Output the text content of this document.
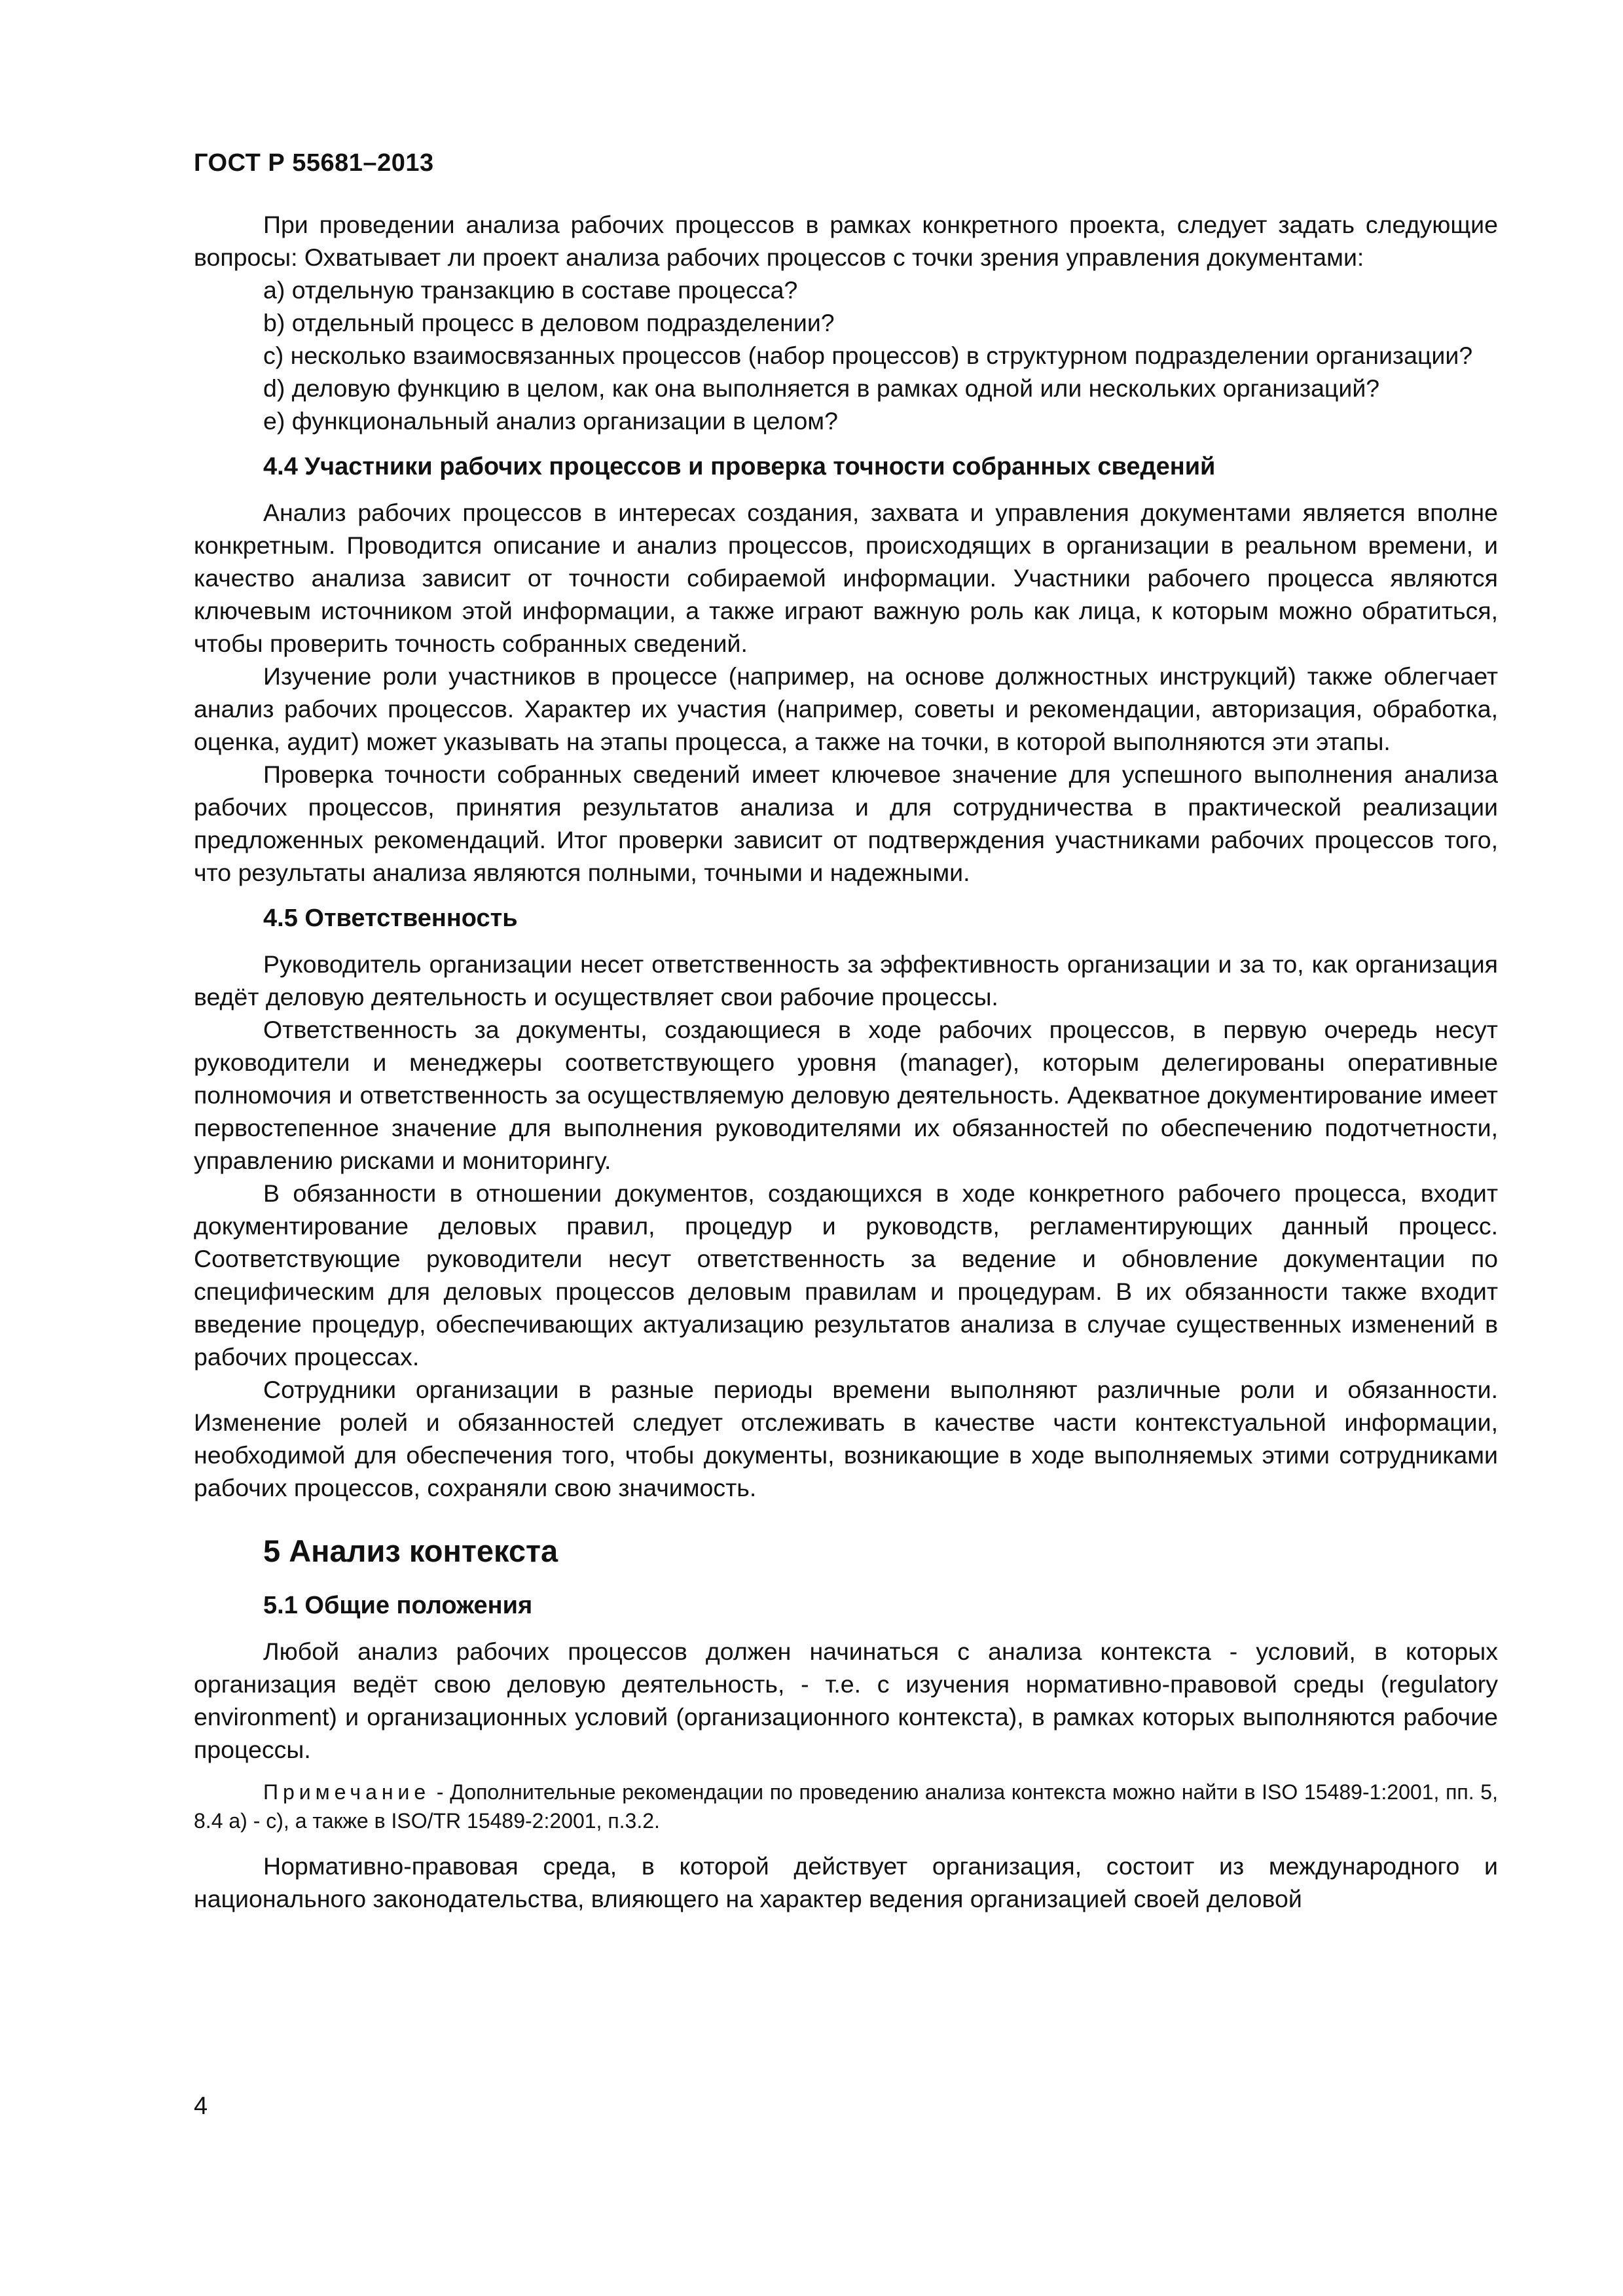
ГОСТ Р 55681–2013

При проведении анализа рабочих процессов в рамках конкретного проекта, следует задать следующие вопросы: Охватывает ли проект анализа рабочих процессов с точки зрения управления документами:

a) отдельную транзакцию в составе процесса?

b) отдельный процесс в деловом подразделении?

c) несколько взаимосвязанных процессов (набор процессов) в структурном подразделении организации?

d) деловую функцию в целом, как она выполняется в рамках одной или нескольких организаций?

e) функциональный анализ организации в целом?

4.4 Участники рабочих процессов и проверка точности собранных сведений

Анализ рабочих процессов в интересах создания, захвата и управления документами является вполне конкретным. Проводится описание и анализ процессов, происходящих в организации в реальном времени, и качество анализа зависит от точности собираемой информации. Участники рабочего процесса являются ключевым источником этой информации, а также играют важную роль как лица, к которым можно обратиться, чтобы проверить точность собранных сведений.

Изучение роли участников в процессе (например, на основе должностных инструкций) также облегчает анализ рабочих процессов. Характер их участия (например, советы и рекомендации, авторизация, обработка, оценка, аудит) может указывать на этапы процесса, а также на точки, в которой выполняются эти этапы.

Проверка точности собранных сведений имеет ключевое значение для успешного выполнения анализа рабочих процессов, принятия результатов анализа и для сотрудничества в практической реализации предложенных рекомендаций. Итог проверки зависит от подтверждения участниками рабочих процессов того, что результаты анализа являются полными, точными и надежными.

4.5 Ответственность

Руководитель организации несет ответственность за эффективность организации и за то, как организация ведёт деловую деятельность и осуществляет свои рабочие процессы.

Ответственность за документы, создающиеся в ходе рабочих процессов, в первую очередь несут руководители и менеджеры соответствующего уровня (manager), которым делегированы оперативные полномочия и ответственность за осуществляемую деловую деятельность. Адекватное документирование имеет первостепенное значение для выполнения руководителями их обязанностей по обеспечению подотчетности, управлению рисками и мониторингу.

В обязанности в отношении документов, создающихся в ходе конкретного рабочего процесса, входит документирование деловых правил, процедур и руководств, регламентирующих данный процесс. Соответствующие руководители несут ответственность за ведение и обновление документации по специфическим для деловых процессов деловым правилам и процедурам. В их обязанности также входит введение процедур, обеспечивающих актуализацию результатов анализа в случае существенных изменений в рабочих процессах.

Сотрудники организации в разные периоды времени выполняют различные роли и обязанности. Изменение ролей и обязанностей следует отслеживать в качестве части контекстуальной информации, необходимой для обеспечения того, чтобы документы, возникающие в ходе выполняемых этими сотрудниками рабочих процессов, сохраняли свою значимость.

5 Анализ контекста
5.1 Общие положения

Любой анализ рабочих процессов должен начинаться с анализа контекста - условий, в которых организация ведёт свою деловую деятельность, - т.е. с изучения нормативно-правовой среды (regulatory environment) и организационных условий (организационного контекста), в рамках которых выполняются рабочие процессы.

Примечание - Дополнительные рекомендации по проведению анализа контекста можно найти в ISO 15489-1:2001, пп. 5, 8.4 a) - c), а также в ISO/TR 15489-2:2001, п.3.2.

Нормативно-правовая среда, в которой действует организация, состоит из международного и национального законодательства, влияющего на характер ведения организацией своей деловой

4
